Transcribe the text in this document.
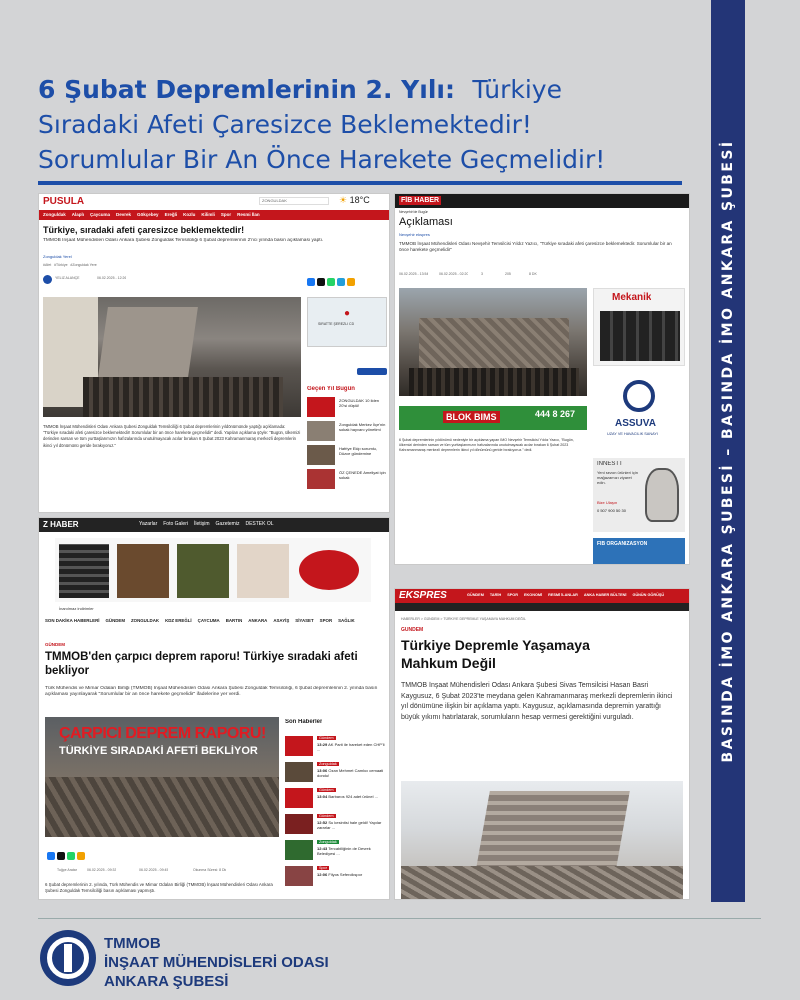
6 Şubat Depremlerinin 2. Yılı: Türkiye
Sıradaki Afeti Çaresizce Beklemektedir!
Sorumlular Bir An Önce Harekete Geçmelidir!	BASINDA İMO ANKARA ŞUBESİ – BASINDA İMO ANKARA ŞUBESİ
PUSULA	☀ 18°C
ZONGULDAK
Zonguldak Alaplı Çaycuma Devrek Gökçebey Ereğli Kozlu Kilimli Spor Resmi İlan
Türkiye, sıradaki afeti çaresizce beklemektedir!
TMMOB İnşaat Mühendisleri Odası Ankara Şubesi Zonguldak Temsilciliği 6 Şubat depremlerinin 2'nci yılında basın açıklaması yaptı.
Zonguldak Yerel
#Afet   #Türkiye   #Zonguldak Yerel
YELİZ ALANÇE	06.02.2025 - 12:26
●
SIRATTE ŞEREZLİ CD
Geçen Yıl Bugün
ZONGULDAK 10 ilden 20'si düştü!
Zonguldak Merkez İlçe'nin sokak hayvanı yönetimi
Hafriye Ekip sorumlu, Düzce gündemine
ÖZ ÇENEDE Ameliyat için sokak
TMMOB İnşaat Mühendisleri Odası Ankara Şubesi Zonguldak Temsilciliği 6 Şubat depremlerinin yıldönümünde yaptığı açıklamada: "Türkiye sıradaki afeti çaresizce beklemektedir! Sorumlular bir an önce harekete geçmelidir" dedi. Yapılan açıklama şöyle: "Bugün, ülkemizi derinden sarsan ve tüm yurttaşlarımızın hafızalarında unutulmayacak acılar bırakan 6 Şubat 2023 Kahramanmaraş merkezli depremlerin ikinci yıl dönümünü geride bırakıyoruz."
FİB HABER
Nevşehir'de Bugün
Açıklaması
Nevşehir ekspres
TMMOB İnşaat Mühendisleri Odası Nevşehir Temsilcisi Yıldız Yazıcı, "Türkiye sıradaki afeti çaresizce beklemektedir. Sorumlular bir an önce harekete geçmelidir"
06.02.2025 - 13:54	06.02.2025 - 02:20	3	205	8 DK
BLOK BIMS	444 8 267
6 Şubat depremlerinin yıldönümü nedeniyle bir açıklama yapan İMO Nevşehir Temsilcisi Yıldız Yazıcı, "Bugün, ülkemizi derinden sarsan ve tüm yurttaşlarımızın hafızalarında unutulmayacak acılar bırakan 6 Şubat 2023 Kahramanmaraş merkezli depremlerin ikinci yıl dönümünü geride bırakıyoruz." dedi.
Mekanik
ASSUVA
UZAY VE HAVACILIK SANAYİ
INNESTT
Yeni sezon ürünleri için mağazamızı ziyaret edin.
Bize Ulaşın
0 507 900 50 30
FİB ORGANİZASYON
Z HABER	Yazarlar Foto Galeri İletişim Gazetemiz DESTEK OL
İnanılmaz indirimler
SON DAKİKA HABERLERİ GÜNDEM ZONGULDAK KDZ EREĞLİ ÇAYCUMA BARTIN ANKARA ASAYİŞ SİYASET SPOR SAĞLIK
GÜNDEM
TMMOB'den çarpıcı deprem raporu! Türkiye sıradaki afeti bekliyor
Türk Mühendis ve Mimar Odaları Birliği (TMMOB) İnşaat Mühendisleri Odası Ankara Şubesi Zonguldak Temsilciliği, 6 Şubat depremlerinin 2. yılında basın açıklaması yayınlayarak "Sorumlular bir an önce harekete geçmelidir" ifadelerine yer verdi.
ÇARPICI DEPREM RAPORU!
TÜRKİYE SIRADAKİ AFETİ BEKLİYOR
Tuğçe Aratar	06.02.2025 - 09:33	06.02.2025 - 09:45	Okunma Süresi: 8 Dk
6 Şubat depremlerinin 2. yılında, Türk Mühendis ve Mimar Odaları Birliği (TMMOB) İnşaat Mühendisleri Odası Ankara Şubesi Zonguldak Temsilciliği basın açıklaması yapmıştı.
Son Haberler
Gündem
13:29 AK Parti ile hareket eden CHP'li ...
Zonguldak
13:06 Ozan Mehmet Camlıcı cemaati dondu!
Gündem
13:04 Barbaros 924 adet ürünel ...
Gündem
12:52 Su kesintisi hale geldi! Yapılar zararlar ...
Zonguldak
12:43 Tercabiliğinin de Devrek Belediyesi ...
Spor
12:06 Filyos Sefercikspor
EKSPRES	GÜNDEM TARİH SPOR EKONOMİ RESMİ İLANLAR ANKA HABER BÜLTENİ GÜNÜN GÖRÜŞÜ
HABERLER > GÜNDEM > TÜRKİYE DEPREMLE YAŞAMAYA MAHKUM DEĞİL
GÜNDEM
Türkiye Depremle Yaşamaya
Mahkum Değil
TMMOB İnşaat Mühendisleri Odası Ankara Şubesi Sivas Temsilcisi Hasan Basri Kaygusuz, 6 Şubat 2023'te meydana gelen Kahramanmaraş merkezli depremlerin ikinci yıl dönümüne ilişkin bir açıklama yaptı. Kaygusuz, açıklamasında depremin yarattığı büyük yıkımı hatırlatarak, sorumluların hesap vermesi gerektiğini vurguladı.
TMMOB
İNŞAAT MÜHENDİSLERİ ODASI
ANKARA ŞUBESİ
